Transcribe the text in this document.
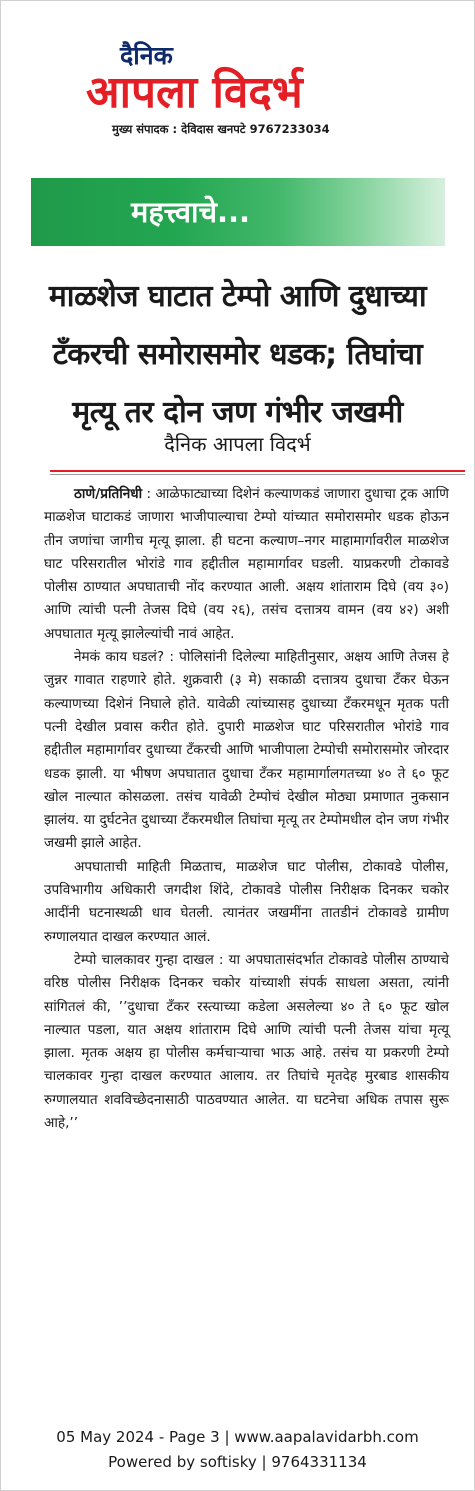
दैनिक
आपला विदर्भ
मुख्य संपादक : देविदास खनपटे 9767233034
महत्त्वाचे...
माळशेज घाटात टेम्पो आणि दुधाच्या
टँकरची समोरासमोर धडक; तिघांचा
मृत्यू तर दोन जण गंभीर जखमी
दैनिक आपला विदर्भ

ठाणे/प्रतिनिधी : आळेफाट्याच्या दिशेनं कल्याणकडं जाणारा दुधाचा ट्रक आणि माळशेज घाटाकडं जाणारा भाजीपाल्याचा टेम्पो यांच्यात समोरासमोर धडक होऊन तीन जणांचा जागीच मृत्यू झाला. ही घटना कल्याण–नगर माहामार्गावरील माळशेज घाट परिसरातील भोरांडे गाव हद्दीतील महामार्गावर घडली. याप्रकरणी टोकावडे पोलीस ठाण्यात अपघाताची नोंद करण्यात आली. अक्षय शांताराम दिघे (वय ३०) आणि त्यांची पत्नी तेजस दिघे (वय २६), तसंच दत्तात्रय वामन (वय ४२) अशी अपघातात मृत्यू झालेल्यांची नावं आहेत.

नेमकं काय घडलं? : पोलिसांनी दिलेल्या माहितीनुसार, अक्षय आणि तेजस हे जुन्नर गावात राहणारे होते. शुक्रवारी (३ मे) सकाळी दत्तात्रय दुधाचा टँकर घेऊन कल्याणच्या दिशेनं निघाले होते. यावेळी त्यांच्यासह दुधाच्या टँकरमधून मृतक पती पत्नी देखील प्रवास करीत होते. दुपारी माळशेज घाट परिसरातील भोरांडे गाव हद्दीतील महामार्गावर दुधाच्या टँकरची आणि भाजीपाला टेम्पोची समोरासमोर जोरदार धडक झाली. या भीषण अपघातात दुधाचा टँकर महामार्गालगतच्या ४० ते ६० फूट खोल नाल्यात कोसळला. तसंच यावेळी टेम्पोचं देखील मोठ्या प्रमाणात नुकसान झालंय. या दुर्घटनेत दुधाच्या टँकरमधील तिघांचा मृत्यू तर टेम्पोमधील दोन जण गंभीर जखमी झाले आहेत.

अपघाताची माहिती मिळताच, माळशेज घाट पोलीस, टोकावडे पोलीस, उपविभागीय अधिकारी जगदीश शिंदे, टोकावडे पोलीस निरीक्षक दिनकर चकोर आदींनी घटनास्थळी धाव घेतली. त्यानंतर जखमींना तातडीनं टोकावडे ग्रामीण रुग्णालयात दाखल करण्यात आलं.

टेम्पो चालकावर गुन्हा दाखल : या अपघातासंदर्भात टोकावडे पोलीस ठाण्याचे वरिष्ठ पोलीस निरीक्षक दिनकर चकोर यांच्याशी संपर्क साधला असता, त्यांनी सांगितलं की, ’’दुधाचा टँकर रस्त्याच्या कडेला असलेल्या ४० ते ६० फूट खोल नाल्यात पडला, यात अक्षय शांताराम दिघे आणि त्यांची पत्नी तेजस यांचा मृत्यू झाला. मृतक अक्षय हा पोलीस कर्मचाऱ्याचा भाऊ आहे. तसंच या प्रकरणी टेम्पो चालकावर गुन्हा दाखल करण्यात आलाय. तर तिघांचे मृतदेह मुरबाड शासकीय रुग्णालयात शवविच्छेदनासाठी पाठवण्यात आलेत. या घटनेचा अधिक तपास सुरू आहे,’’

05 May 2024 - Page 3 | www.aapalavidarbh.com
Powered by softisky | 9764331134
